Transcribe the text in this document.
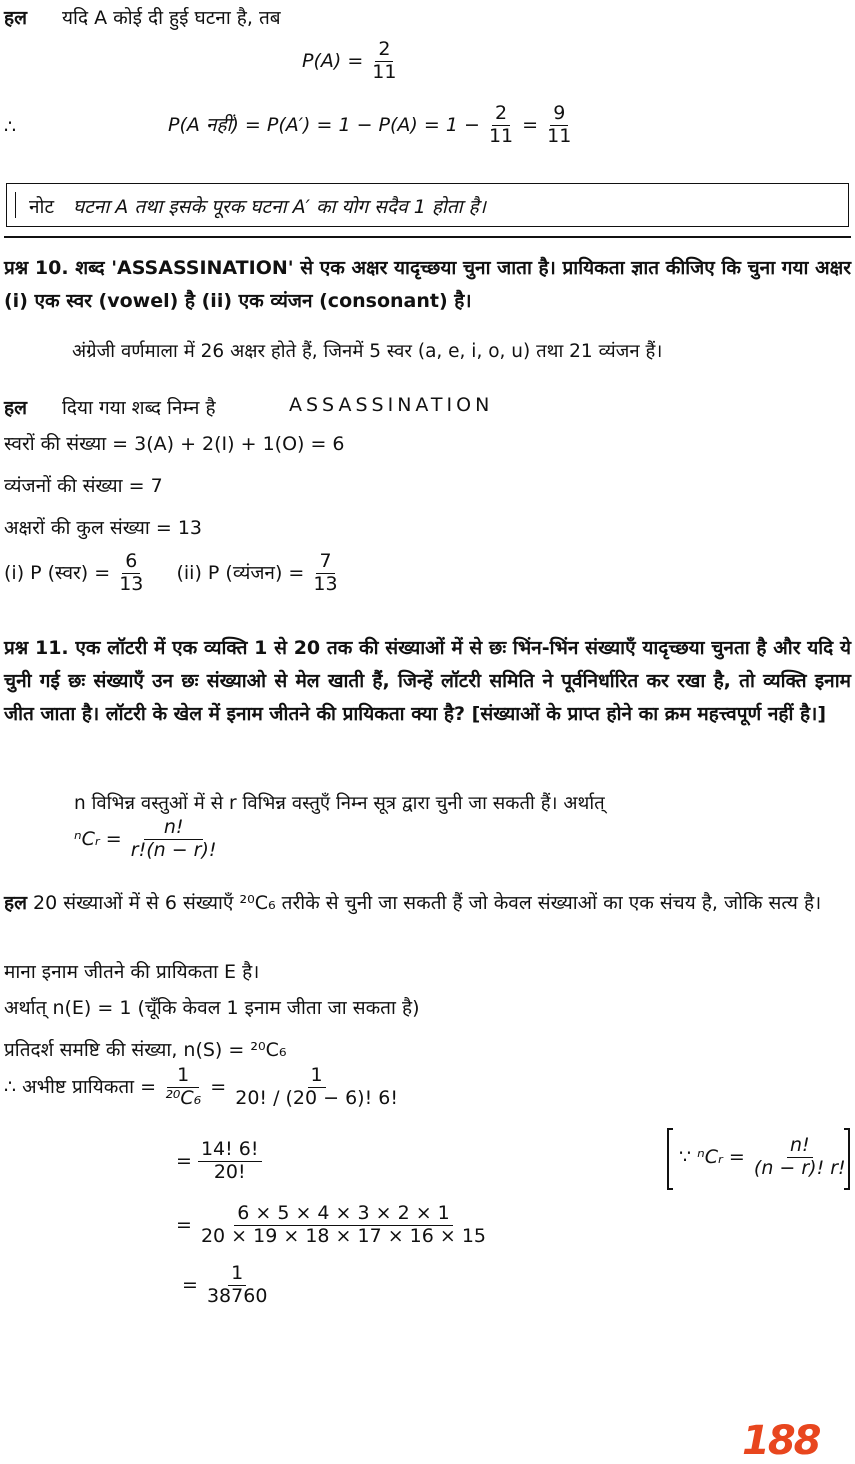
हल यदि A कोई दी हुई घटना है, तब
$P(A) = \frac{2}{11}$
∴	P(A नहीं) = $P(A') = 1 - P(A) = 1 - \frac{2}{11} = \frac{9}{11}$
नोट घटना A तथा इसके पूरक घटना A′ का योग सदैव 1 होता है।
प्रश्न 10. शब्द 'ASSASSINATION' से एक अक्षर यादृच्छया चुना जाता है। प्रायिकता ज्ञात कीजिए कि चुना गया अक्षर (i) एक स्वर (vowel) है (ii) एक व्यंजन (consonant) है।
अंग्रेजी वर्णमाला में 26 अक्षर होते हैं, जिनमें 5 स्वर (a, e, i, o, u) तथा 21 व्यंजन हैं।
हल दिया गया शब्द निम्न है	ASSASSINATION
स्वरों की संख्या = 3(A) + 2(I) + 1(O) = 6
व्यंजनों की संख्या = 7
अक्षरों की कुल संख्या = 13
(i) P (स्वर) = $\frac{6}{13} (ii)$ P (व्यंजन) = $\frac{7}{13}$
प्रश्न 11. एक लॉटरी में एक व्यक्ति 1 से 20 तक की संख्याओं में से छः भिंन-भिंन संख्याएँ यादृच्छया चुनता है और यदि ये चुनी गई छः संख्याएँ उन छः संख्याओ से मेल खाती हैं, जिन्हें लॉटरी समिति ने पूर्वनिर्धारित कर रखा है, तो व्यक्ति इनाम जीत जाता है। लॉटरी के खेल में इनाम जीतने की प्रायिकता क्या है? [संख्याओं के प्राप्त होने का क्रम महत्त्वपूर्ण नहीं है।]
n विभिन्न वस्तुओं में से r विभिन्न वस्तुएँ निम्न सूत्र द्वारा चुनी जा सकती हैं। अर्थात्
ⁿCᵣ = $\frac{n!}{r!(n - r)!}$
हल 20 संख्याओं में से 6 संख्याएँ ²⁰C₆ तरीके से चुनी जा सकती हैं जो केवल संख्याओं का एक संचय है, जोकि सत्य है।
माना इनाम जीतने की प्रायिकता E है।
अर्थात् n(E) = 1 (चूँकि केवल 1 इनाम जीता जा सकता है)
प्रतिदर्श समष्टि की संख्या, n(S) = ²⁰C₆
∴ अभीष्ट प्रायिकता = $\frac{1}{\text{²⁰C₆}} = \frac{1}{20! / (20 - 6)! 6!}$
= $\frac{14! 6!}{20!}$	∵ ⁿCᵣ = $\frac{n!}{(n - r)! r!}$
= $\frac{6 \times 5 \times 4 \times 3 \times 2 \times 1}{20 \times 19 \times 18 \times 17 \times 16 \times 15}$
= $\frac{1}{38760}$
188
